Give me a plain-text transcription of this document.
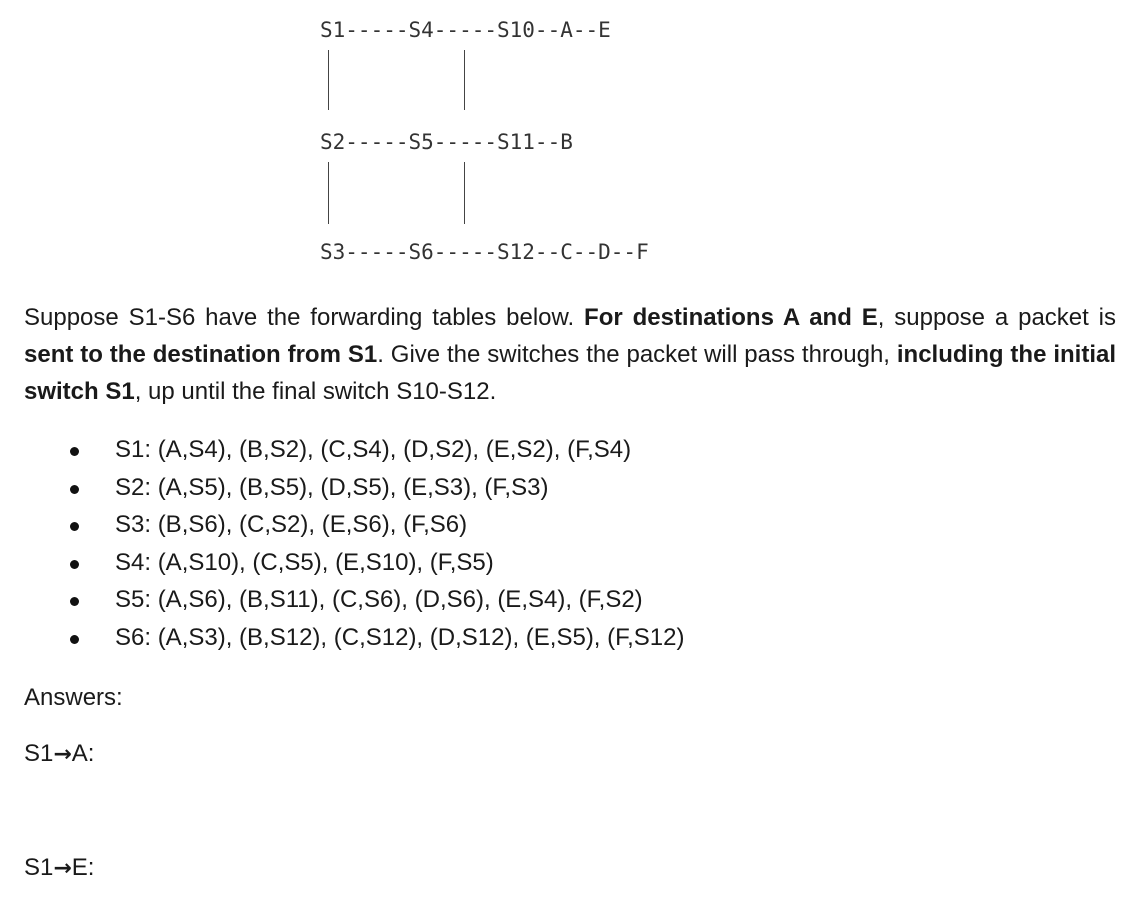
S1-----S4-----S10--A--E
S2-----S5-----S11--B
S3-----S6-----S12--C--D--F
Suppose S1-S6 have the forwarding tables below. For destinations A and E, suppose a packet is sent to the destination from S1. Give the switches the packet will pass through, including the initial switch S1, up until the final switch S10-S12.
S1: (A,S4), (B,S2), (C,S4), (D,S2), (E,S2), (F,S4)
S2: (A,S5), (B,S5), (D,S5), (E,S3), (F,S3)
S3: (B,S6), (C,S2), (E,S6), (F,S6)
S4: (A,S10), (C,S5), (E,S10), (F,S5)
S5: (A,S6), (B,S11), (C,S6), (D,S6), (E,S4), (F,S2)
S6: (A,S3), (B,S12), (C,S12), (D,S12), (E,S5), (F,S12)
Answers:
S1→A:
S1→E:
